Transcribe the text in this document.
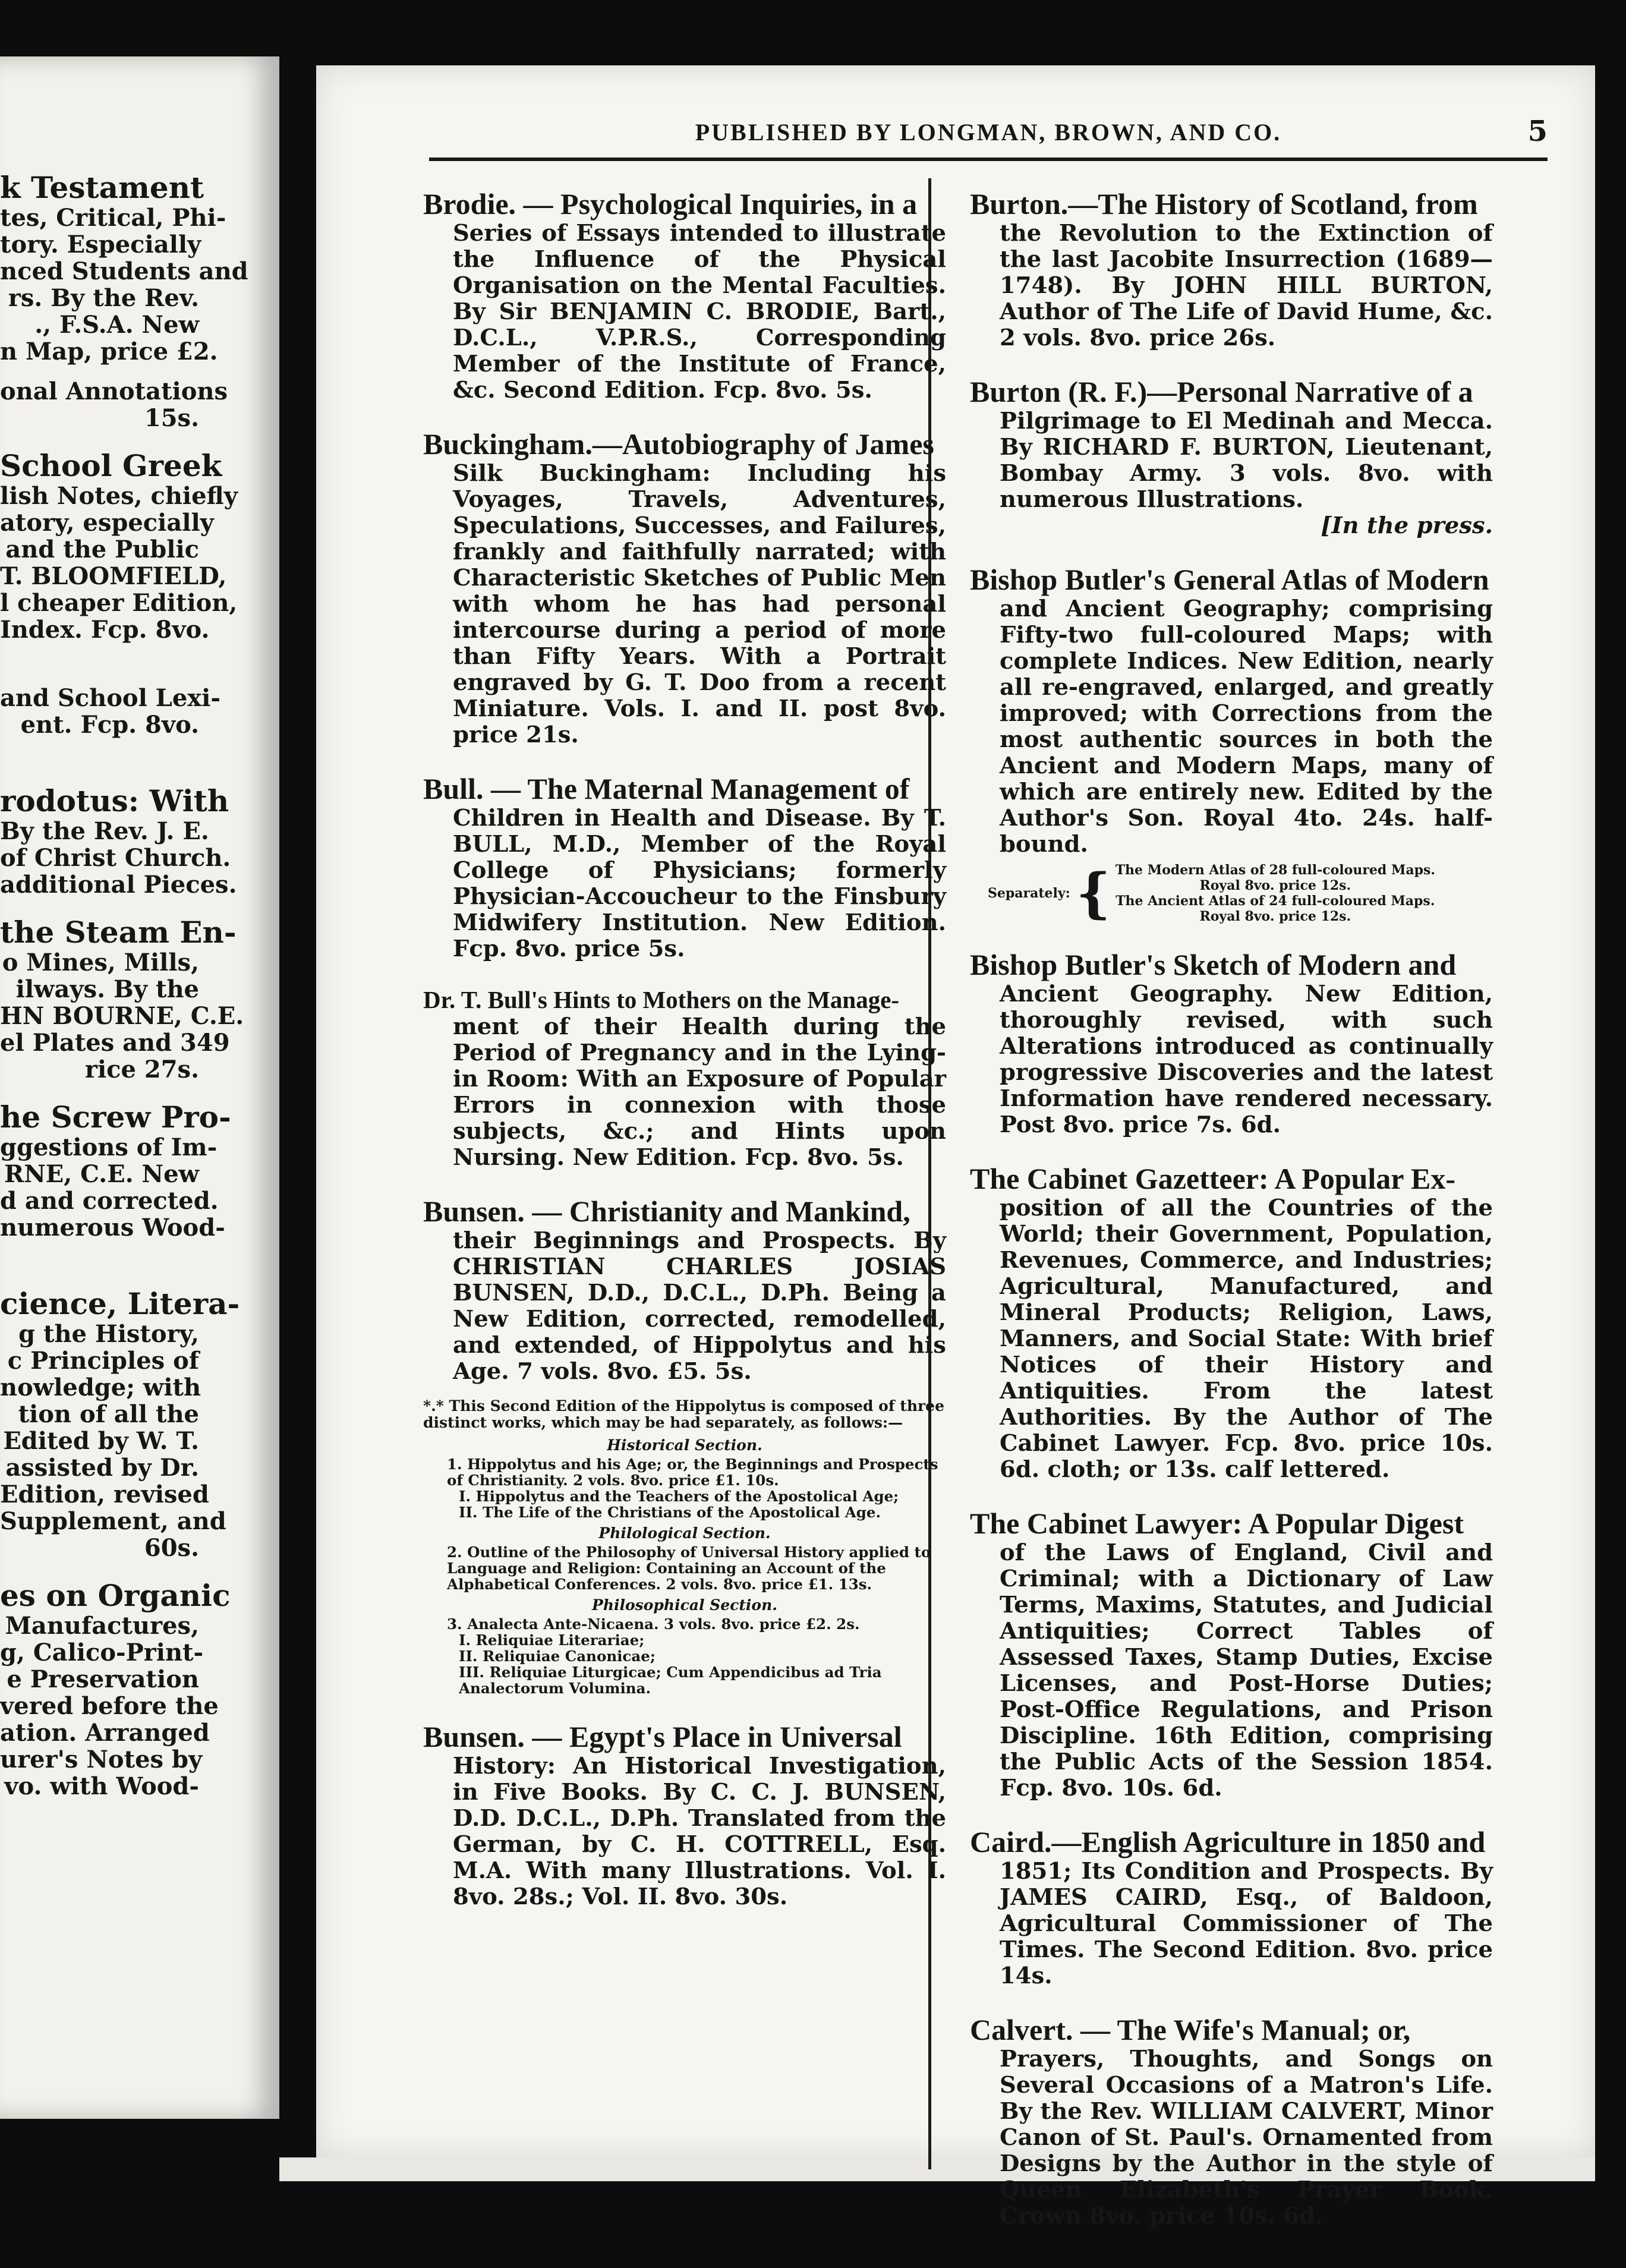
k Testament
tes, Critical, Phi-
tory. Especially
nced Students and
rs. By the Rev.
., F.S.A. New
n Map, price £2.
onal Annotations
15s.
School Greek
lish Notes, chiefly
atory, especially
and the Public
T. BLOOMFIELD,
l cheaper Edition,
Index. Fcp. 8vo.
and School Lexi-
ent. Fcp. 8vo.
rodotus: With
By the Rev. J. E.
of Christ Church.
additional Pieces.
the Steam En-
o Mines, Mills,
ilways. By the
HN BOURNE, C.E.
el Plates and 349
rice 27s.
he Screw Pro-
ggestions of Im-
RNE, C.E. New
d and corrected.
numerous Wood-
cience, Litera-
g the History,
c Principles of
nowledge; with
tion of all the
Edited by W. T.
assisted by Dr.
Edition, revised
Supplement, and
60s.
es on Organic
Manufactures,
g, Calico-Print-
e Preservation
vered before the
ation. Arranged
urer's Notes by
vo. with Wood-
PUBLISHED BY LONGMAN, BROWN, AND CO.	5

Brodie. — Psychological Inquiries, in a

Series of Essays intended to illustrate the Influence of the Physical Organisation on the Mental Faculties. By Sir BENJAMIN C. BRODIE, Bart., D.C.L., V.P.R.S., Corresponding Member of the Institute of France, &c. Second Edition. Fcp. 8vo. 5s.

Buckingham.—Autobiography of James

Silk Buckingham: Including his Voyages, Travels, Adventures, Speculations, Successes, and Failures, frankly and faithfully narrated; with Characteristic Sketches of Public Men with whom he has had personal intercourse during a period of more than Fifty Years. With a Portrait engraved by G. T. Doo from a recent Miniature. Vols. I. and II. post 8vo. price 21s.

Bull. — The Maternal Management of

Children in Health and Disease. By T. BULL, M.D., Member of the Royal College of Physicians; formerly Physician-Accoucheur to the Finsbury Midwifery Institution. New Edition. Fcp. 8vo. price 5s.

Dr. T. Bull's Hints to Mothers on the Manage-

ment of their Health during the Period of Pregnancy and in the Lying-in Room: With an Exposure of Popular Errors in connexion with those subjects, &c.; and Hints upon Nursing. New Edition. Fcp. 8vo. 5s.

Bunsen. — Christianity and Mankind,

their Beginnings and Prospects. By CHRISTIAN CHARLES JOSIAS BUNSEN, D.D., D.C.L., D.Ph. Being a New Edition, corrected, remodelled, and extended, of Hippolytus and his Age. 7 vols. 8vo. £5. 5s.

*.* This Second Edition of the Hippolytus is composed of three distinct works, which may be had separately, as follows:—

Historical Section.

1. Hippolytus and his Age; or, the Beginnings and Prospects of Christianity. 2 vols. 8vo. price £1. 10s.

I. Hippolytus and the Teachers of the Apostolical Age;

II. The Life of the Christians of the Apostolical Age.

Philological Section.

2. Outline of the Philosophy of Universal History applied to Language and Religion: Containing an Account of the Alphabetical Conferences. 2 vols. 8vo. price £1. 13s.

Philosophical Section.

3. Analecta Ante-Nicaena. 3 vols. 8vo. price £2. 2s.

I. Reliquiae Literariae;

II. Reliquiae Canonicae;

III. Reliquiae Liturgicae; Cum Appendicibus ad Tria Analectorum Volumina.

Bunsen. — Egypt's Place in Universal

History: An Historical Investigation, in Five Books. By C. C. J. BUNSEN, D.D. D.C.L., D.Ph. Translated from the German, by C. H. COTTRELL, Esq. M.A. With many Illustrations. Vol. I. 8vo. 28s.; Vol. II. 8vo. 30s.

Burton.—The History of Scotland, from

the Revolution to the Extinction of the last Jacobite Insurrection (1689—1748). By JOHN HILL BURTON, Author of The Life of David Hume, &c. 2 vols. 8vo. price 26s.

Burton (R. F.)—Personal Narrative of a

Pilgrimage to El Medinah and Mecca. By RICHARD F. BURTON, Lieutenant, Bombay Army. 3 vols. 8vo. with numerous Illustrations.

[In the press.

Bishop Butler's General Atlas of Modern

and Ancient Geography; comprising Fifty-two full-coloured Maps; with complete Indices. New Edition, nearly all re-engraved, enlarged, and greatly improved; with Corrections from the most authentic sources in both the Ancient and Modern Maps, many of which are entirely new. Edited by the Author's Son. Royal 4to. 24s. half-bound.

Separately: { The Modern Atlas of 28 full-coloured Maps.
Royal 8vo. price 12s.
The Ancient Atlas of 24 full-coloured Maps.
Royal 8vo. price 12s.

Bishop Butler's Sketch of Modern and

Ancient Geography. New Edition, thoroughly revised, with such Alterations introduced as continually progressive Discoveries and the latest Information have rendered necessary. Post 8vo. price 7s. 6d.

The Cabinet Gazetteer: A Popular Ex-

position of all the Countries of the World; their Government, Population, Revenues, Commerce, and Industries; Agricultural, Manufactured, and Mineral Products; Religion, Laws, Manners, and Social State: With brief Notices of their History and Antiquities. From the latest Authorities. By the Author of The Cabinet Lawyer. Fcp. 8vo. price 10s. 6d. cloth; or 13s. calf lettered.

The Cabinet Lawyer: A Popular Digest

of the Laws of England, Civil and Criminal; with a Dictionary of Law Terms, Maxims, Statutes, and Judicial Antiquities; Correct Tables of Assessed Taxes, Stamp Duties, Excise Licenses, and Post-Horse Duties; Post-Office Regulations, and Prison Discipline. 16th Edition, comprising the Public Acts of the Session 1854. Fcp. 8vo. 10s. 6d.

Caird.—English Agriculture in 1850 and

1851; Its Condition and Prospects. By JAMES CAIRD, Esq., of Baldoon, Agricultural Commissioner of The Times. The Second Edition. 8vo. price 14s.

Calvert. — The Wife's Manual; or,

Prayers, Thoughts, and Songs on Several Occasions of a Matron's Life. By the Rev. WILLIAM CALVERT, Minor Canon of St. Paul's. Ornamented from Designs by the Author in the style of Queen Elizabeth's Prayer Book. Crown 8vo. price 10s. 6d.
